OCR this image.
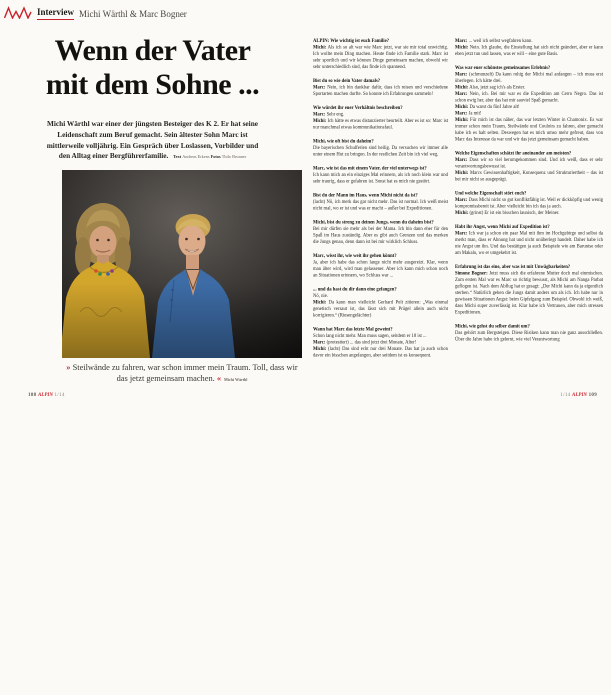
Interview Michi Wärthl & Marc Bogner
Wenn der Vater
mit dem Sohne ...
Michi Wärthl war einer der jüngsten Besteiger des K 2. Er hat seine Leidenschaft zum Beruf gemacht. Sein ältester Sohn Marc ist mittlerweile volljährig. Ein Gespräch über Loslassen, Vorbilder und den Alltag einer Bergführerfamilie. Text Andreas Erkens Fotos Thilo Brunner
» Steilwände zu fahren, war schon immer mein Traum. Toll, dass wir das jetzt gemeinsam machen. « Michi Wärthl
108 ALPIN 1/14

ALPIN: Wie wichtig ist euch Familie?

Michi: Als ich so alt war wie Marc jetzt, war sie mir total unwichtig. Ich wollte mein Ding machen. Heute finde ich Familie stark. Marc ist sehr sportlich und wir können Dinge gemeinsam machen, obwohl wir sehr unterschiedlich sind, das finde ich spannend.

Bist du so wie dein Vater damals?

Marc: Nein, ich bin dankbar dafür, dass ich reisen und verschiedene Sportarten machen durfte. So konnte ich Erfahrungen sammeln!

Wie würdet ihr euer Verhältnis beschreiben?

Marc: Sehr eng.

Michi: Ich hätte es etwas distanzierter beurteilt. Aber es ist so: Marc ist nur manchmal etwas kommunikationsfaul.

Michi, wie oft bist du daheim?

Die bayerischen Schulferien sind heilig. Da versuchen wir immer alle unter einem Hut zu bringen. In der restlichen Zeit bin ich viel weg.

Marc, wie ist das mit einem Vater, der viel unterwegs ist?

Ich kann mich an ein einziges Mal erinnern, als ich noch klein war und sehr traurig, dass er gefahren ist. Sonst hat es mich nie gestört.

Bist du der Mann im Haus, wenn Michi nicht da ist?

(lacht) Nö, ich merk das gar nicht mehr. Das ist normal. Ich weiß meist nicht mal, wo er ist und was er macht – außer bei Expeditionen.

Michi, bist du streng zu deinen Jungs, wenn du daheim bist?

Bei mir dürfen sie mehr als bei der Mama. Ich bin dann eher für den Spaß im Haus zuständig. Aber es gibt auch Grenzen und das merken die Jungs genau, denn dann ist bei mir wirklich Schluss.

Marc, wisst ihr, wie weit ihr gehen könnt?

Ja, aber ich habe das schon lange nicht mehr ausgereizt. Klar, wenn man älter wird, wird man gelassener. Aber ich kann mich schon noch an Situationen erinnern, wo Schluss war ...

... und da hast du dir dann eine gefangen?

Nö, nie.

Michi: Da kann man vielleicht Gerhard Polt zitieren: „Was einmal genetisch versaut ist, das lässt sich mit Prügel allein auch nicht korrigieren.“ (Riesengelächter)

Wann hat Marc das letzte Mal geweint?

Schon lang nicht mehr. Man muss sagen, seitdem er 18 ist ...

Marc: (protestiert) ... das sind jetzt drei Monate, Alter!

Michi: (lacht) Das sind echt nur drei Monate. Das hat ja auch schon davor ein bisschen angefangen, aber seitdem ist es konsequent.

Marc: ... weil ich selbst wegfahren kann.

Michi: Nein. Ich glaube, die Einstellung hat sich nicht geändert, aber er kann eben jetzt tun und lassen, was er will – eine gute Basis.

Was war euer schönstes gemeinsames Erlebnis?

Marc: (schmunzelt) Da kann ruhig der Michi mal anfangen – ich muss erst überlegen. Ich hätte drei.

Michi: Also, jetzt sag ich's als Erster.

Marc: Nein, ich. Bei mir war es die Expedition am Cerro Negro. Das ist schon ewig her, aber das hat mir sauviel Spaß gemacht.

Michi: Da warst du fünf Jahre alt!

Marc: Ja mit!

Michi: Für mich ist das näher, das war letzten Winter in Chamonix. Es war immer schon mein Traum, Steilwände und Couloirs zu fahren, aber gemacht habe ich es halt selten. Deswegen hat es mich umso mehr gefreut, dass von Marc das Interesse da war und wir das jetzt gemeinsam gemacht haben.

Welche Eigenschaften schätzt ihr aneinander am meisten?

Marc: Dass wir so viel herumgekommen sind. Und ich weiß, dass er sehr verantwortungsbewusst ist.

Michi: Marcs Gewissenhaftigkeit, Konsequenz und Strukturiertheit – das ist bei mir nicht so ausgeprägt.

Und welche Eigenschaft stört euch?

Marc: Dass Michi nicht so gut konfliktfähig ist. Weil er dickköpfig und wenig kompromissbereit ist. Aber vielleicht bin ich das ja auch.

Michi: (grinst) Er ist ein bisschen launisch, der Meiner.

Habt ihr Angst, wenn Michi auf Expedition ist?

Marc: Ich war ja schon ein paar Mal mit ihm im Hochgebirge und selbst da merkt man, dass er Ahnung hat und nicht unüberlegt handelt. Daher habe ich nie Angst um ihn. Und das bestätigen ja auch Beispiele wie am Baruntse oder am Makalu, wo er umgekehrt ist.

Erfahrung ist das eine, aber was ist mit Unwägbarkeiten?

Simone Bogner: Jetzt muss sich die erfahrene Mutter doch mal einmischen. Zum ersten Mal war es Marc so richtig bewusst, als Michi am Nanga Parbat geflogen ist. Nach dem Abflug hat er gesagt: „Der Michi kann da ja eigentlich sterben.“ Natürlich gehen die Jungs damit anders um als ich. Ich habe nur in gewissen Situationen Angst: beim Gipfelgang zum Beispiel. Obwohl ich weiß, dass Michi super zuverlässig ist. Klar habe ich Vertrauen, aber mich stressen Expeditionen.

Michi, wie gehst du selber damit um?

Das gehört zum Bergsteigen. Diese Risiken kann man nie ganz ausschließen. Über die Jahre habe ich gelernt, wie viel Verantwortung

1/14 ALPIN 109
